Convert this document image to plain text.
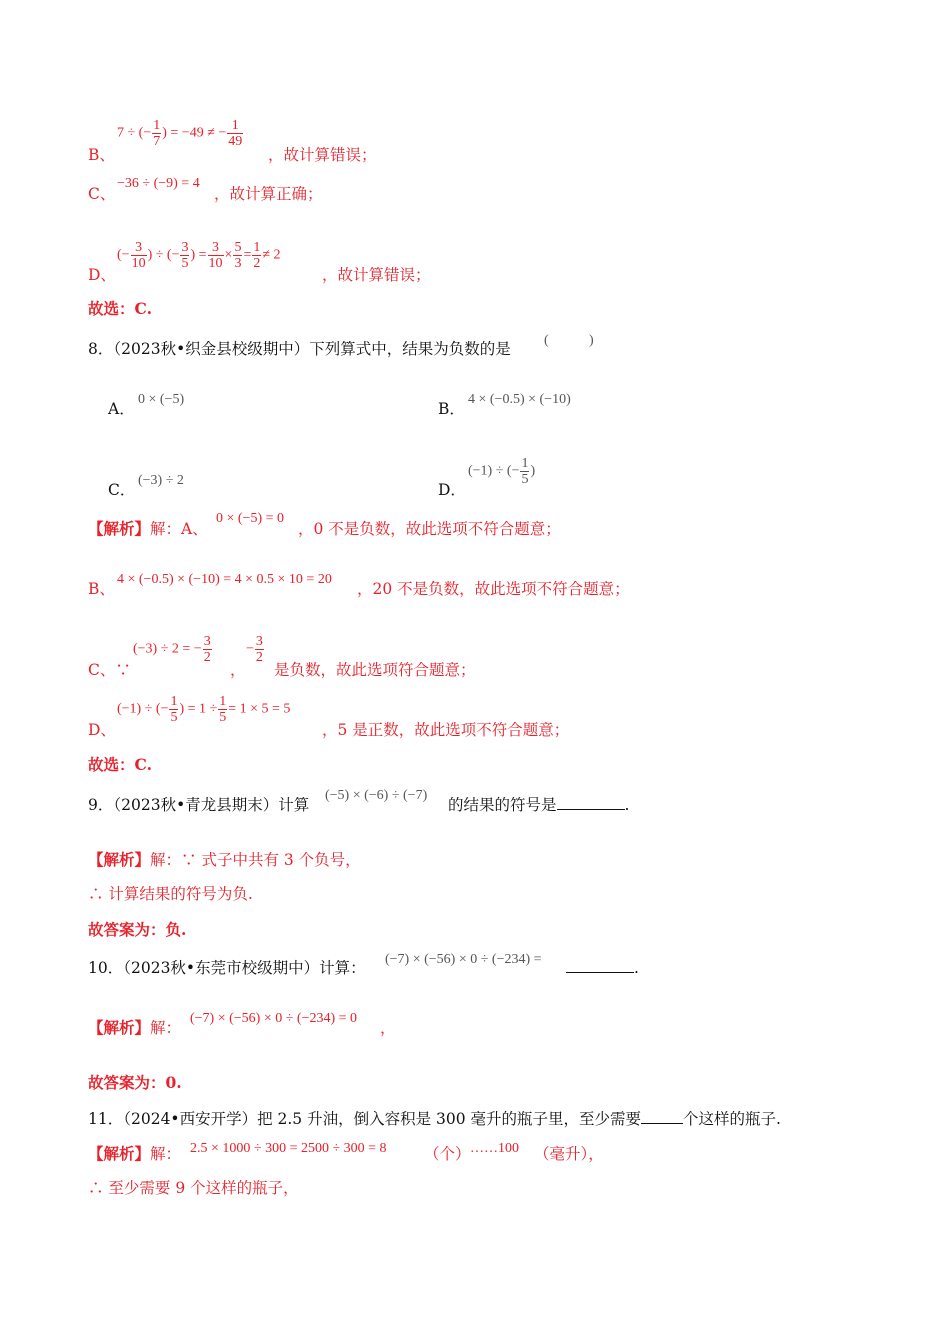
B、
7 ÷ (− $\frac{1}{7}$ ) = −49 ≠ − $\frac{1}{49}$
，故计算错误；
C、
−36 ÷ (−9) = 4
，故计算正确；
D、
(− $\frac{3}{10}$ ) ÷ (− $\frac{3}{5}$ ) = $\frac{3}{10} \times \frac{5}{3} = \frac{1}{2} \ne 2$
，故计算错误；
故选：C.
8．（2023秋•织金县校级期中）下列算式中，结果为负数的是 (	)
A．
0 × (−5)
B．
4 × (−0.5) × (−10)
C．
(−3) ÷ 2
D．
(−1) ÷ (− $\frac{1}{5}$ )
【解析】解：A、
0 × (−5) = 0
，0 不是负数，故此选项不符合题意；
B、
4 × (−0.5) × (−10) = 4 × 0.5 × 10 = 20
，20 不是负数，故此选项不符合题意；
C、∵
(−3) ÷ 2 = − $\frac{3}{2}$
，
− $\frac{3}{2}$
是负数，故此选项符合题意；
D、
(−1) ÷ (− $\frac{1}{5}$ ) = $1 \div \frac{1}{5} = 1 \times 5 = 5$
，5 是正数，故此选项不符合题意；
故选：C.
9．（2023秋•青龙县期末）计算
(−5) × (−6) ÷ (−7)
的结果的符号是	.
【解析】解：∵ 式子中共有 3 个负号，
∴ 计算结果的符号为负.
故答案为：负.
10．（2023秋•东莞市校级期中）计算： (−7) × (−56) × 0 ÷ (−234) =	.
【解析】解：
(−7) × (−56) × 0 ÷ (−234) = 0
，
故答案为：0.
11．（2024•西安开学）把 2.5 升油，倒入容积是 300 毫升的瓶子里，至少需要	个这样的瓶子.
【解析】解： 2.5 × 1000 ÷ 300 = 2500 ÷ 300 = 8 （个） ……100 （毫升），
∴ 至少需要 9 个这样的瓶子，
